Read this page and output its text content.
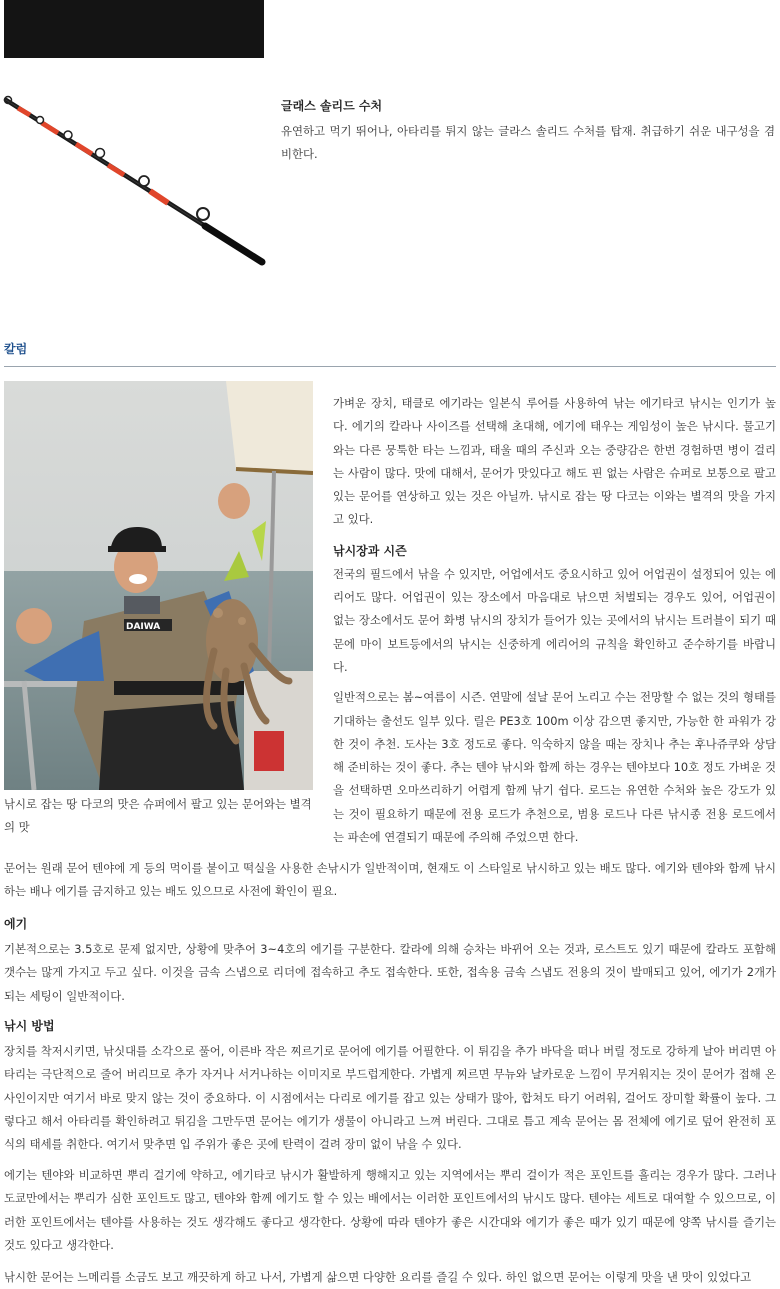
글래스 솔리드 수처

유연하고 먹기 뛰어나, 아타리를 튀지 않는 글라스 솔리드 수처를 탑재. 취급하기 쉬운 내구성을 겸비한다.

칼럼
DAIWA
낚시로 잡는 땅 다코의 맛은 슈퍼에서 팔고 있는 문어와는 별격의 맛

가벼운 장치, 태클로 에기라는 일본식 루어를 사용하여 낚는 에기타코 낚시는 인기가 높다. 에기의 칼라나 사이즈를 선택해 초대해, 에기에 태우는 게임성이 높은 낚시다. 물고기와는 다른 뭉툭한 타는 느낌과, 태울 때의 주신과 오는 중량감은 한번 경험하면 병이 걸리는 사람이 많다. 맛에 대해서, 문어가 맛있다고 해도 핀 없는 사람은 슈퍼로 보통으로 팔고 있는 문어를 연상하고 있는 것은 아닐까. 낚시로 잡는 땅 다코는 이와는 별격의 맛을 가지고 있다.

낚시장과 시즌

전국의 필드에서 낚을 수 있지만, 어업에서도 중요시하고 있어 어업권이 설정되어 있는 에리어도 많다. 어업권이 있는 장소에서 마음대로 낚으면 처벌되는 경우도 있어, 어업권이 없는 장소에서도 문어 화병 낚시의 장치가 들어가 있는 곳에서의 낚시는 트러블이 되기 때문에 마이 보트등에서의 낚시는 신중하게 에리어의 규칙을 확인하고 준수하기를 바랍니다.

일반적으로는 봄~여름이 시즌. 연말에 설날 문어 노리고 수는 전망할 수 없는 것의 형태를 기대하는 출선도 일부 있다. 릴은 PE3호 100m 이상 감으면 좋지만, 가능한 한 파워가 강한 것이 추천. 도사는 3호 정도로 좋다. 익숙하지 않을 때는 장치나 추는 후나쥬쿠와 상담해 준비하는 것이 좋다. 추는 텐야 낚시와 함께 하는 경우는 텐야보다 10호 정도 가벼운 것을 선택하면 오마쓰리하기 어렵게 함께 낚기 쉽다. 로드는 유연한 수처와 높은 강도가 있는 것이 필요하기 때문에 전용 로드가 추천으로, 범용 로드나 다른 낚시종 전용 로드에서는 파손에 연결되기 때문에 주의해 주었으면 한다.

문어는 원래 문어 텐야에 게 등의 먹이를 붙이고 떡실을 사용한 손낚시가 일반적이며, 현재도 이 스타일로 낚시하고 있는 배도 많다. 에기와 텐야와 함께 낚시하는 배나 에기를 금지하고 있는 배도 있으므로 사전에 확인이 필요.

에기

기본적으로는 3.5호로 문제 없지만, 상황에 맞추어 3~4호의 에기를 구분한다. 칼라에 의해 승차는 바뀌어 오는 것과, 로스트도 있기 때문에 칼라도 포함해 갯수는 많게 가지고 두고 싶다. 이것을 금속 스냅으로 리더에 접속하고 추도 접속한다. 또한, 접속용 금속 스냅도 전용의 것이 발매되고 있어, 에기가 2개가 되는 세팅이 일반적이다.

낚시 방법

장치를 착저시키면, 낚싯대를 소각으로 풀어, 이른바 작은 찌르기로 문어에 에기를 어필한다. 이 튀김을 추가 바닥을 떠나 버릴 정도로 강하게 날아 버리면 아타리는 극단적으로 줄어 버리므로 추가 자거나 서거나하는 이미지로 부드럽게한다. 가볍게 찌르면 무뉴와 날카로운 느낌이 무거워지는 것이 문어가 접해 온 사인이지만 여기서 바로 맞지 않는 것이 중요하다. 이 시점에서는 다리로 에기를 잡고 있는 상태가 많아, 합쳐도 타기 어려워, 걸어도 장미할 확률이 높다. 그렇다고 해서 아타리를 확인하려고 튀김을 그만두면 문어는 에기가 생물이 아니라고 느껴 버린다. 그대로 틈고 계속 문어는 몸 전체에 에기로 덮어 완전히 포식의 태세를 취한다. 여기서 맞추면 입 주위가 좋은 곳에 탄력이 걸려 장미 없이 낚을 수 있다.

에기는 텐야와 비교하면 뿌리 걸기에 약하고, 에기타코 낚시가 활발하게 행해지고 있는 지역에서는 뿌리 걸이가 적은 포인트를 흘리는 경우가 많다. 그러나 도쿄만에서는 뿌리가 심한 포인트도 많고, 텐야와 함께 에기도 할 수 있는 배에서는 이러한 포인트에서의 낚시도 많다. 텐야는 세트로 대여할 수 있으므로, 이러한 포인트에서는 텐야를 사용하는 것도 생각해도 좋다고 생각한다. 상황에 따라 텐야가 좋은 시간대와 에기가 좋은 때가 있기 때문에 양쪽 낚시를 즐기는 것도 있다고 생각한다.

낚시한 문어는 느메리를 소금도 보고 깨끗하게 하고 나서, 가볍게 삶으면 다양한 요리를 즐길 수 있다. 하인 없으면 문어는 이렇게 맛을 낸 맛이 있었다고
